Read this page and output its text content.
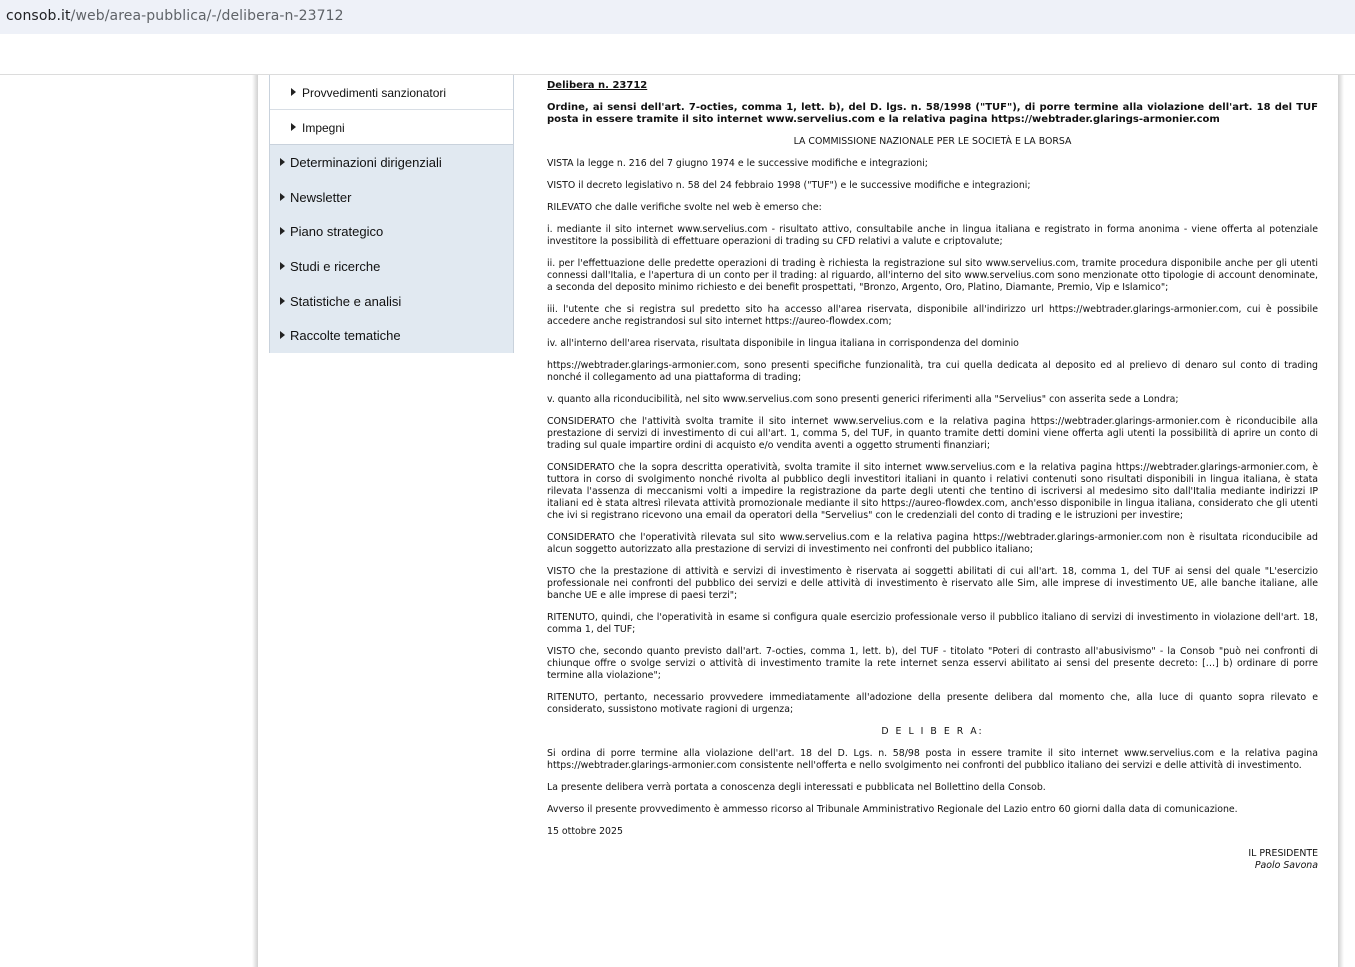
consob.it/web/area-pubblica/-/delibera-n-23712
Provvedimenti sanzionatori
Impegni
Determinazioni dirigenziali
Newsletter
Piano strategico
Studi e ricerche
Statistiche e analisi
Raccolte tematiche

Delibera n. 23712

Ordine, ai sensi dell'art. 7-octies, comma 1, lett. b), del D. lgs. n. 58/1998 ("TUF"), di porre termine alla violazione dell'art. 18 del TUF posta in essere tramite il sito internet www.servelius.com e la relativa pagina https://webtrader.glarings-armonier.com

LA COMMISSIONE NAZIONALE PER LE SOCIETÀ E LA BORSA

VISTA la legge n. 216 del 7 giugno 1974 e le successive modifiche e integrazioni;

VISTO il decreto legislativo n. 58 del 24 febbraio 1998 ("TUF") e le successive modifiche e integrazioni;

RILEVATO che dalle verifiche svolte nel web è emerso che:

i. mediante il sito internet www.servelius.com - risultato attivo, consultabile anche in lingua italiana e registrato in forma anonima - viene offerta al potenziale investitore la possibilità di effettuare operazioni di trading su CFD relativi a valute e criptovalute;

ii. per l'effettuazione delle predette operazioni di trading è richiesta la registrazione sul sito www.servelius.com, tramite procedura disponibile anche per gli utenti connessi dall'Italia, e l'apertura di un conto per il trading: al riguardo, all'interno del sito www.servelius.com sono menzionate otto tipologie di account denominate, a seconda del deposito minimo richiesto e dei benefit prospettati, "Bronzo, Argento, Oro, Platino, Diamante, Premio, Vip e Islamico";

iii. l'utente che si registra sul predetto sito ha accesso all'area riservata, disponibile all'indirizzo url https://webtrader.glarings-armonier.com, cui è possibile accedere anche registrandosi sul sito internet https://aureo-flowdex.com;

iv. all'interno dell'area riservata, risultata disponibile in lingua italiana in corrispondenza del dominio

https://webtrader.glarings-armonier.com, sono presenti specifiche funzionalità, tra cui quella dedicata al deposito ed al prelievo di denaro sul conto di trading nonché il collegamento ad una piattaforma di trading;

v. quanto alla riconducibilità, nel sito www.servelius.com sono presenti generici riferimenti alla "Servelius" con asserita sede a Londra;

CONSIDERATO che l'attività svolta tramite il sito internet www.servelius.com e la relativa pagina https://webtrader.glarings-armonier.com è riconducibile alla prestazione di servizi di investimento di cui all'art. 1, comma 5, del TUF, in quanto tramite detti domini viene offerta agli utenti la possibilità di aprire un conto di trading sul quale impartire ordini di acquisto e/o vendita aventi a oggetto strumenti finanziari;

CONSIDERATO che la sopra descritta operatività, svolta tramite il sito internet www.servelius.com e la relativa pagina https://webtrader.glarings-armonier.com, è tuttora in corso di svolgimento nonché rivolta al pubblico degli investitori italiani in quanto i relativi contenuti sono risultati disponibili in lingua italiana, è stata rilevata l'assenza di meccanismi volti a impedire la registrazione da parte degli utenti che tentino di iscriversi al medesimo sito dall'Italia mediante indirizzi IP italiani ed è stata altresì rilevata attività promozionale mediante il sito https://aureo-flowdex.com, anch'esso disponibile in lingua italiana, considerato che gli utenti che ivi si registrano ricevono una email da operatori della "Servelius" con le credenziali del conto di trading e le istruzioni per investire;

CONSIDERATO che l'operatività rilevata sul sito www.servelius.com e la relativa pagina https://webtrader.glarings-armonier.com non è risultata riconducibile ad alcun soggetto autorizzato alla prestazione di servizi di investimento nei confronti del pubblico italiano;

VISTO che la prestazione di attività e servizi di investimento è riservata ai soggetti abilitati di cui all'art. 18, comma 1, del TUF ai sensi del quale "L'esercizio professionale nei confronti del pubblico dei servizi e delle attività di investimento è riservato alle Sim, alle imprese di investimento UE, alle banche italiane, alle banche UE e alle imprese di paesi terzi";

RITENUTO, quindi, che l'operatività in esame si configura quale esercizio professionale verso il pubblico italiano di servizi di investimento in violazione dell'art. 18, comma 1, del TUF;

VISTO che, secondo quanto previsto dall'art. 7-octies, comma 1, lett. b), del TUF - titolato "Poteri di contrasto all'abusivismo" - la Consob "può nei confronti di chiunque offre o svolge servizi o attività di investimento tramite la rete internet senza esservi abilitato ai sensi del presente decreto: […] b) ordinare di porre termine alla violazione";

RITENUTO, pertanto, necessario provvedere immediatamente all'adozione della presente delibera dal momento che, alla luce di quanto sopra rilevato e considerato, sussistono motivate ragioni di urgenza;

D E L I B E R A:

Si ordina di porre termine alla violazione dell'art. 18 del D. Lgs. n. 58/98 posta in essere tramite il sito internet www.servelius.com e la relativa pagina https://webtrader.glarings-armonier.com consistente nell'offerta e nello svolgimento nei confronti del pubblico italiano dei servizi e delle attività di investimento.

La presente delibera verrà portata a conoscenza degli interessati e pubblicata nel Bollettino della Consob.

Avverso il presente provvedimento è ammesso ricorso al Tribunale Amministrativo Regionale del Lazio entro 60 giorni dalla data di comunicazione.

15 ottobre 2025

IL PRESIDENTE

Paolo Savona
